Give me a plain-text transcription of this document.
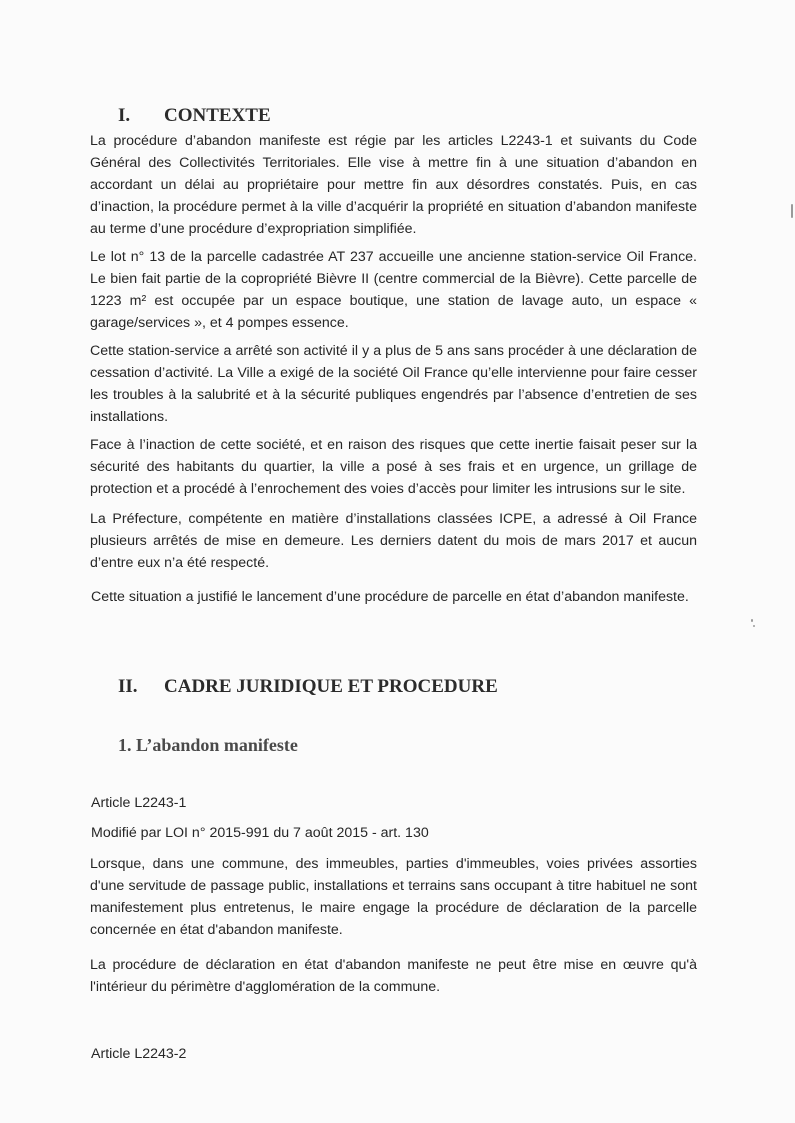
I.	CONTEXTE

La procédure d’abandon manifeste est régie par les articles L2243-1 et suivants du Code Général des Collectivités Territoriales. Elle vise à mettre fin à une situation d’abandon en accordant un délai au propriétaire pour mettre fin aux désordres constatés. Puis, en cas d’inaction, la procédure permet à la ville d’acquérir la propriété en situation d’abandon manifeste au terme d’une procédure d’expropriation simplifiée.

Le lot n° 13 de la parcelle cadastrée AT 237 accueille une ancienne station-service Oil France. Le bien fait partie de la copropriété Bièvre II (centre commercial de la Bièvre). Cette parcelle de 1223 m² est occupée par un espace boutique, une station de lavage auto, un espace « garage/services », et 4 pompes essence.

Cette station-service a arrêté son activité il y a plus de 5 ans sans procéder à une déclaration de cessation d’activité. La Ville a exigé de la société Oil France qu’elle intervienne pour faire cesser les troubles à la salubrité et à la sécurité publiques engendrés par l’absence d’entretien de ses installations.

Face à l’inaction de cette société, et en raison des risques que cette inertie faisait peser sur la sécurité des habitants du quartier, la ville a posé à ses frais et en urgence, un grillage de protection et a procédé à l’enrochement des voies d’accès pour limiter les intrusions sur le site.

La Préfecture, compétente en matière d’installations classées ICPE, a adressé à Oil France plusieurs arrêtés de mise en demeure. Les derniers datent du mois de mars 2017 et aucun d’entre eux n’a été respecté.

Cette situation a justifié le lancement d’une procédure de parcelle en état d’abandon manifeste.

II.	CADRE JURIDIQUE ET PROCEDURE
1. L’abandon manifeste

Article L2243-1

Modifié par LOI n° 2015-991 du 7 août 2015 - art. 130

Lorsque, dans une commune, des immeubles, parties d'immeubles, voies privées assorties d'une servitude de passage public, installations et terrains sans occupant à titre habituel ne sont manifestement plus entretenus, le maire engage la procédure de déclaration de la parcelle concernée en état d'abandon manifeste.

La procédure de déclaration en état d'abandon manifeste ne peut être mise en œuvre qu'à l'intérieur du périmètre d'agglomération de la commune.

Article L2243-2
